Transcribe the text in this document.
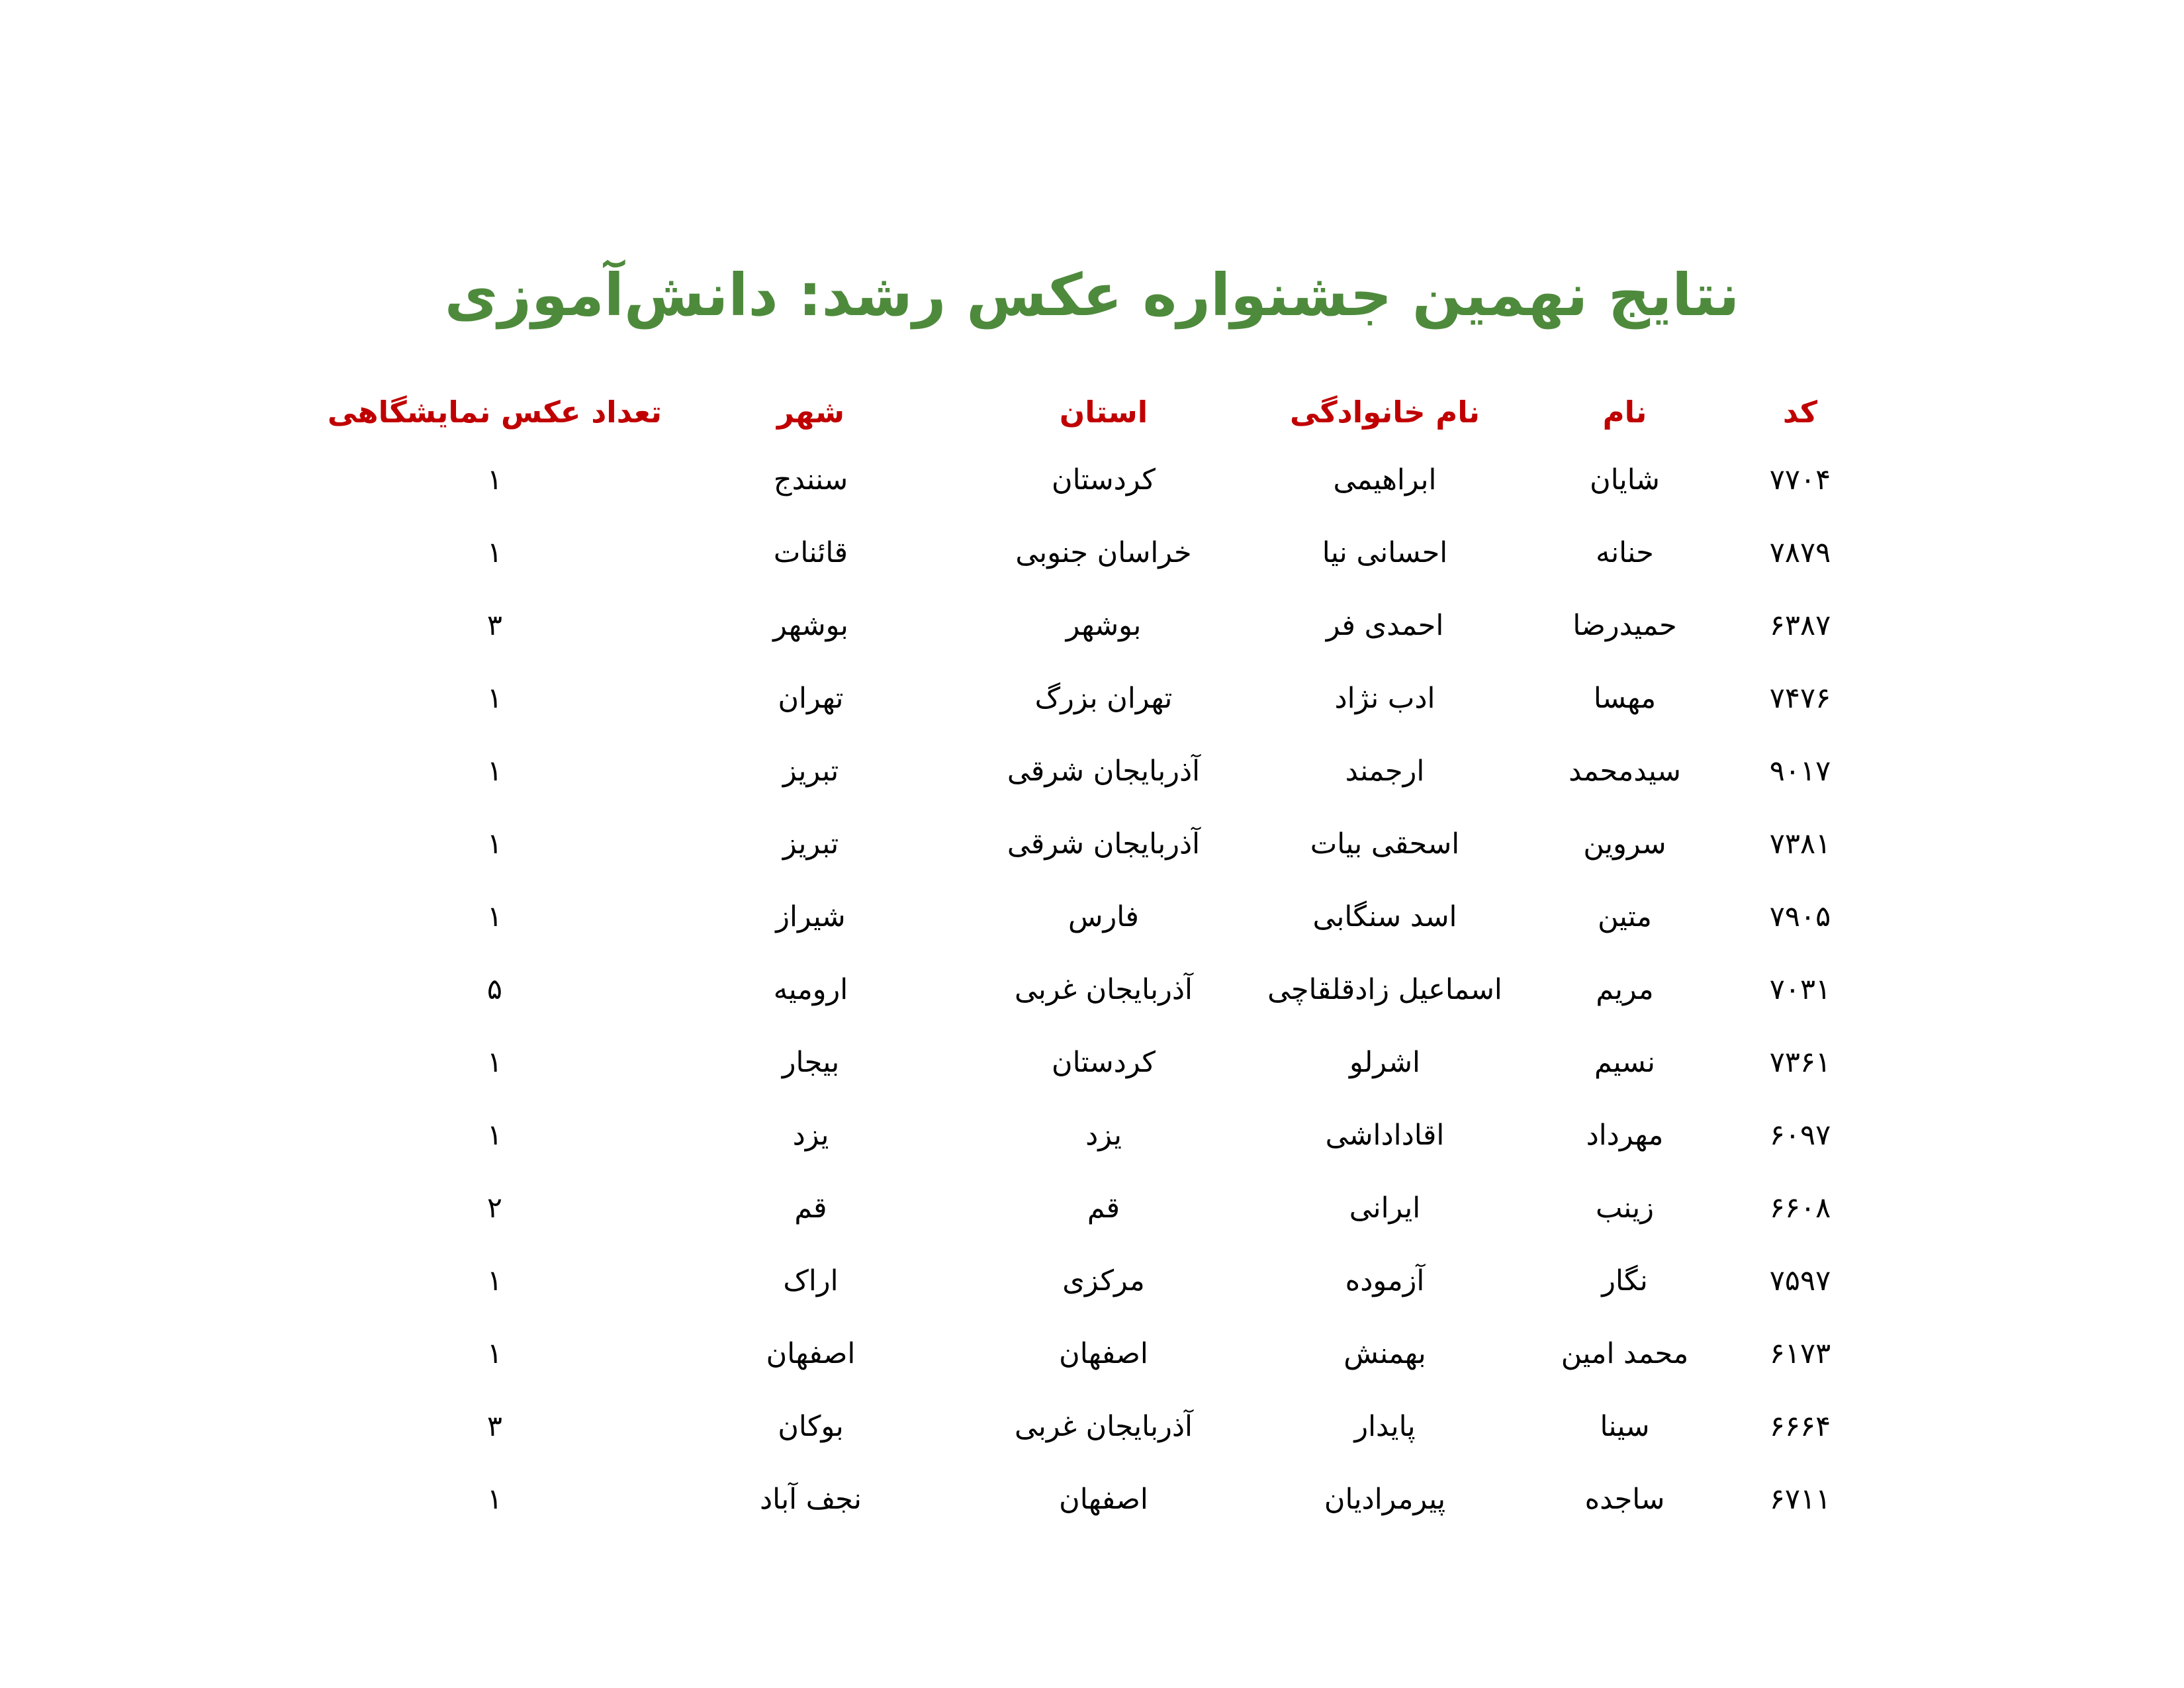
نتایج نهمین جشنواره عکس رشد: دانش‌آموزی
کد	نام	نام خانوادگی	استان	شهر	تعداد عکس نمایشگاهی
۷۷۰۴	شایان	ابراهیمی	کردستان	سنندج	۱
۷۸۷۹	حنانه	احسانی نیا	خراسان جنوبی	قائنات	۱
۶۳۸۷	حمیدرضا	احمدی فر	بوشهر	بوشهر	۳
۷۴۷۶	مهسا	ادب نژاد	تهران بزرگ	تهران	۱
۹۰۱۷	سیدمحمد	ارجمند	آذربایجان شرقی	تبریز	۱
۷۳۸۱	سروین	اسحقی بیات	آذربایجان شرقی	تبریز	۱
۷۹۰۵	متین	اسد سنگابی	فارس	شیراز	۱
۷۰۳۱	مریم	اسماعیل زادقلقاچی	آذربایجان غربی	ارومیه	۵
۷۳۶۱	نسیم	اشرلو	کردستان	بیجار	۱
۶۰۹۷	مهرداد	اقاداداشی	یزد	یزد	۱
۶۶۰۸	زینب	ایرانی	قم	قم	۲
۷۵۹۷	نگار	آزموده	مرکزی	اراک	۱
۶۱۷۳	محمد امین	بهمنش	اصفهان	اصفهان	۱
۶۶۶۴	سینا	پایدار	آذربایجان غربی	بوکان	۳
۶۷۱۱	ساجده	پیرمرادیان	اصفهان	نجف آباد	۱
